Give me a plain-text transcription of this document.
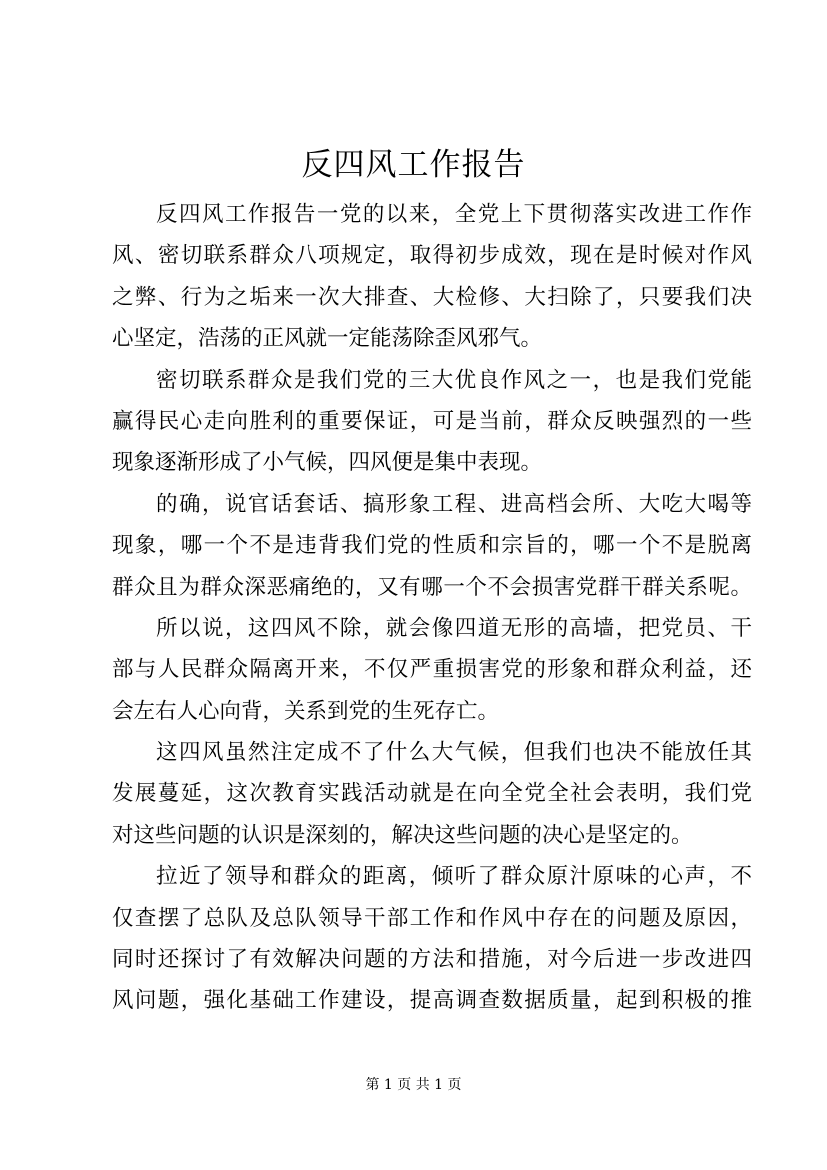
反四风工作报告
反四风工作报告一党的以来，全党上下贯彻落实改进工作作
风、密切联系群众八项规定，取得初步成效，现在是时候对作风
之弊、行为之垢来一次大排查、大检修、大扫除了，只要我们决
心坚定，浩荡的正风就一定能荡除歪风邪气。
密切联系群众是我们党的三大优良作风之一，也是我们党能
赢得民心走向胜利的重要保证，可是当前，群众反映强烈的一些
现象逐渐形成了小气候，四风便是集中表现。
的确，说官话套话、搞形象工程、进高档会所、大吃大喝等
现象，哪一个不是违背我们党的性质和宗旨的，哪一个不是脱离
群众且为群众深恶痛绝的，又有哪一个不会损害党群干群关系呢。
所以说，这四风不除，就会像四道无形的高墙，把党员、干
部与人民群众隔离开来，不仅严重损害党的形象和群众利益，还
会左右人心向背，关系到党的生死存亡。
这四风虽然注定成不了什么大气候，但我们也决不能放任其
发展蔓延，这次教育实践活动就是在向全党全社会表明，我们党
对这些问题的认识是深刻的，解决这些问题的决心是坚定的。
拉近了领导和群众的距离，倾听了群众原汁原味的心声，不
仅查摆了总队及总队领导干部工作和作风中存在的问题及原因，
同时还探讨了有效解决问题的方法和措施，对今后进一步改进四
风问题，强化基础工作建设，提高调查数据质量，起到积极的推
第 1 页 共 1 页
